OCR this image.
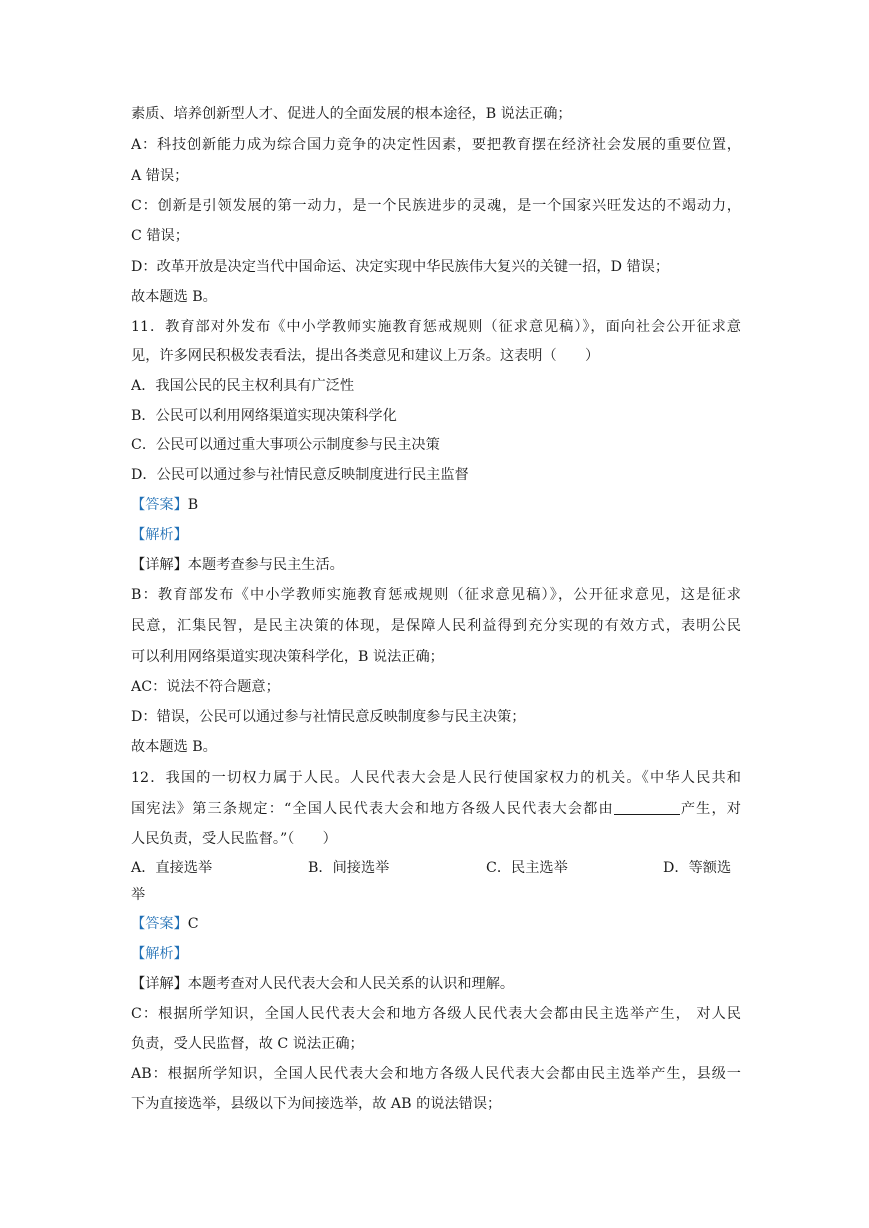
素质、培养创新型人才、促进人的全面发展的根本途径，B 说法正确；
A：科技创新能力成为综合国力竞争的决定性因素，要把教育摆在经济社会发展的重要位置，
A 错误；
C：创新是引领发展的第一动力，是一个民族进步的灵魂，是一个国家兴旺发达的不竭动力，
C 错误；
D：改革开放是决定当代中国命运、决定实现中华民族伟大复兴的关键一招，D 错误；
故本题选 B。
11．教育部对外发布《中小学教师实施教育惩戒规则（征求意见稿）》，面向社会公开征求意
见，许多网民积极发表看法，提出各类意见和建议上万条。这表明（　　）
A．我国公民的民主权利具有广泛性
B．公民可以利用网络渠道实现决策科学化
C．公民可以通过重大事项公示制度参与民主决策
D．公民可以通过参与社情民意反映制度进行民主监督
【答案】B
【解析】
【详解】本题考查参与民主生活。
B：教育部发布《中小学教师实施教育惩戒规则（征求意见稿）》，公开征求意见，这是征求
民意，汇集民智，是民主决策的体现，是保障人民利益得到充分实现的有效方式，表明公民
可以利用网络渠道实现决策科学化，B 说法正确；
AC：说法不符合题意；
D：错误，公民可以通过参与社情民意反映制度参与民主决策；
故本题选 B。
12．我国的一切权力属于人民。人民代表大会是人民行使国家权力的机关。《中华人民共和
国宪法》第三条规定：“全国人民代表大会和地方各级人民代表大会都由	产生，对
人民负责，受人民监督。”（　　）
A．直接选举	B．间接选举	C．民主选举	D．等额选
举
【答案】C
【解析】
【详解】本题考查对人民代表大会和人民关系的认识和理解。
C：根据所学知识，全国人民代表大会和地方各级人民代表大会都由民主选举产生， 对人民
负责，受人民监督，故 C 说法正确；
AB：根据所学知识，全国人民代表大会和地方各级人民代表大会都由民主选举产生，县级一
下为直接选举，县级以下为间接选举，故 AB 的说法错误；
